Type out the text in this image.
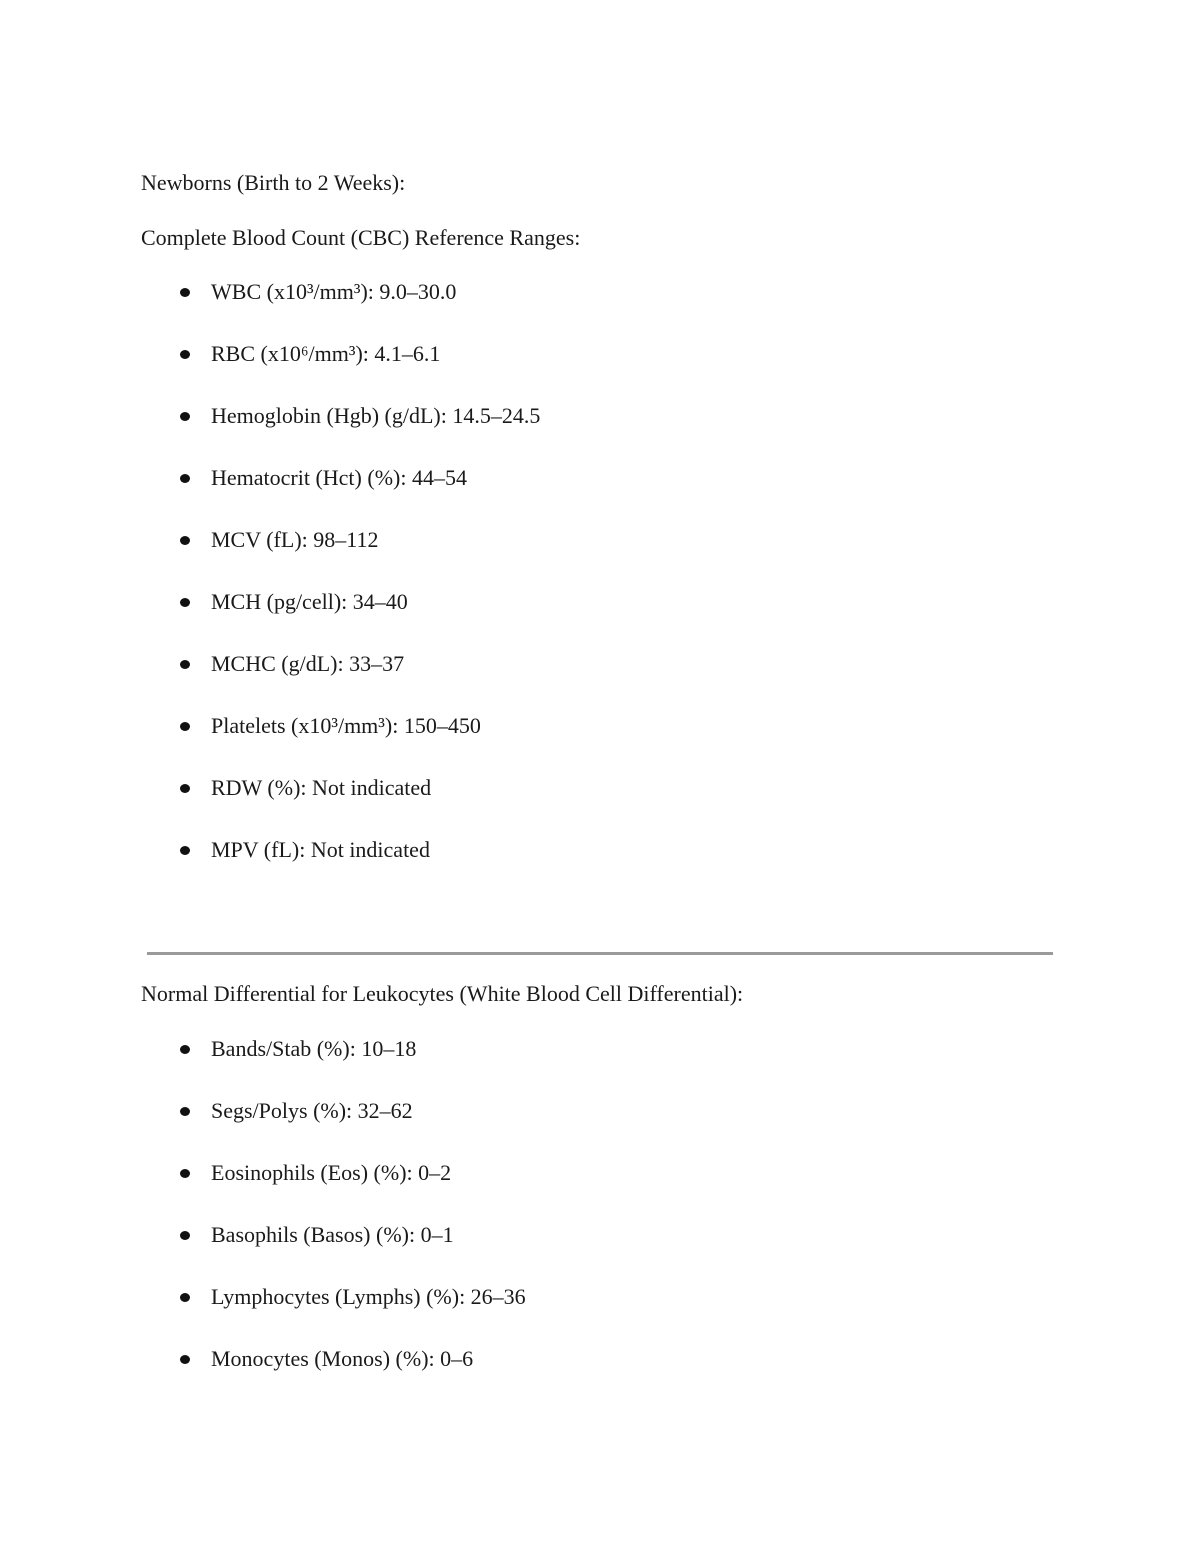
Newborns (Birth to 2 Weeks):

Complete Blood Count (CBC) Reference Ranges:

WBC (x10³/mm³): 9.0–30.0
RBC (x10⁶/mm³): 4.1–6.1
Hemoglobin (Hgb) (g/dL): 14.5–24.5
Hematocrit (Hct) (%): 44–54
MCV (fL): 98–112
MCH (pg/cell): 34–40
MCHC (g/dL): 33–37
Platelets (x10³/mm³): 150–450
RDW (%): Not indicated
MPV (fL): Not indicated

Normal Differential for Leukocytes (White Blood Cell Differential):

Bands/Stab (%): 10–18
Segs/Polys (%): 32–62
Eosinophils (Eos) (%): 0–2
Basophils (Basos) (%): 0–1
Lymphocytes (Lymphs) (%): 26–36
Monocytes (Monos) (%): 0–6
